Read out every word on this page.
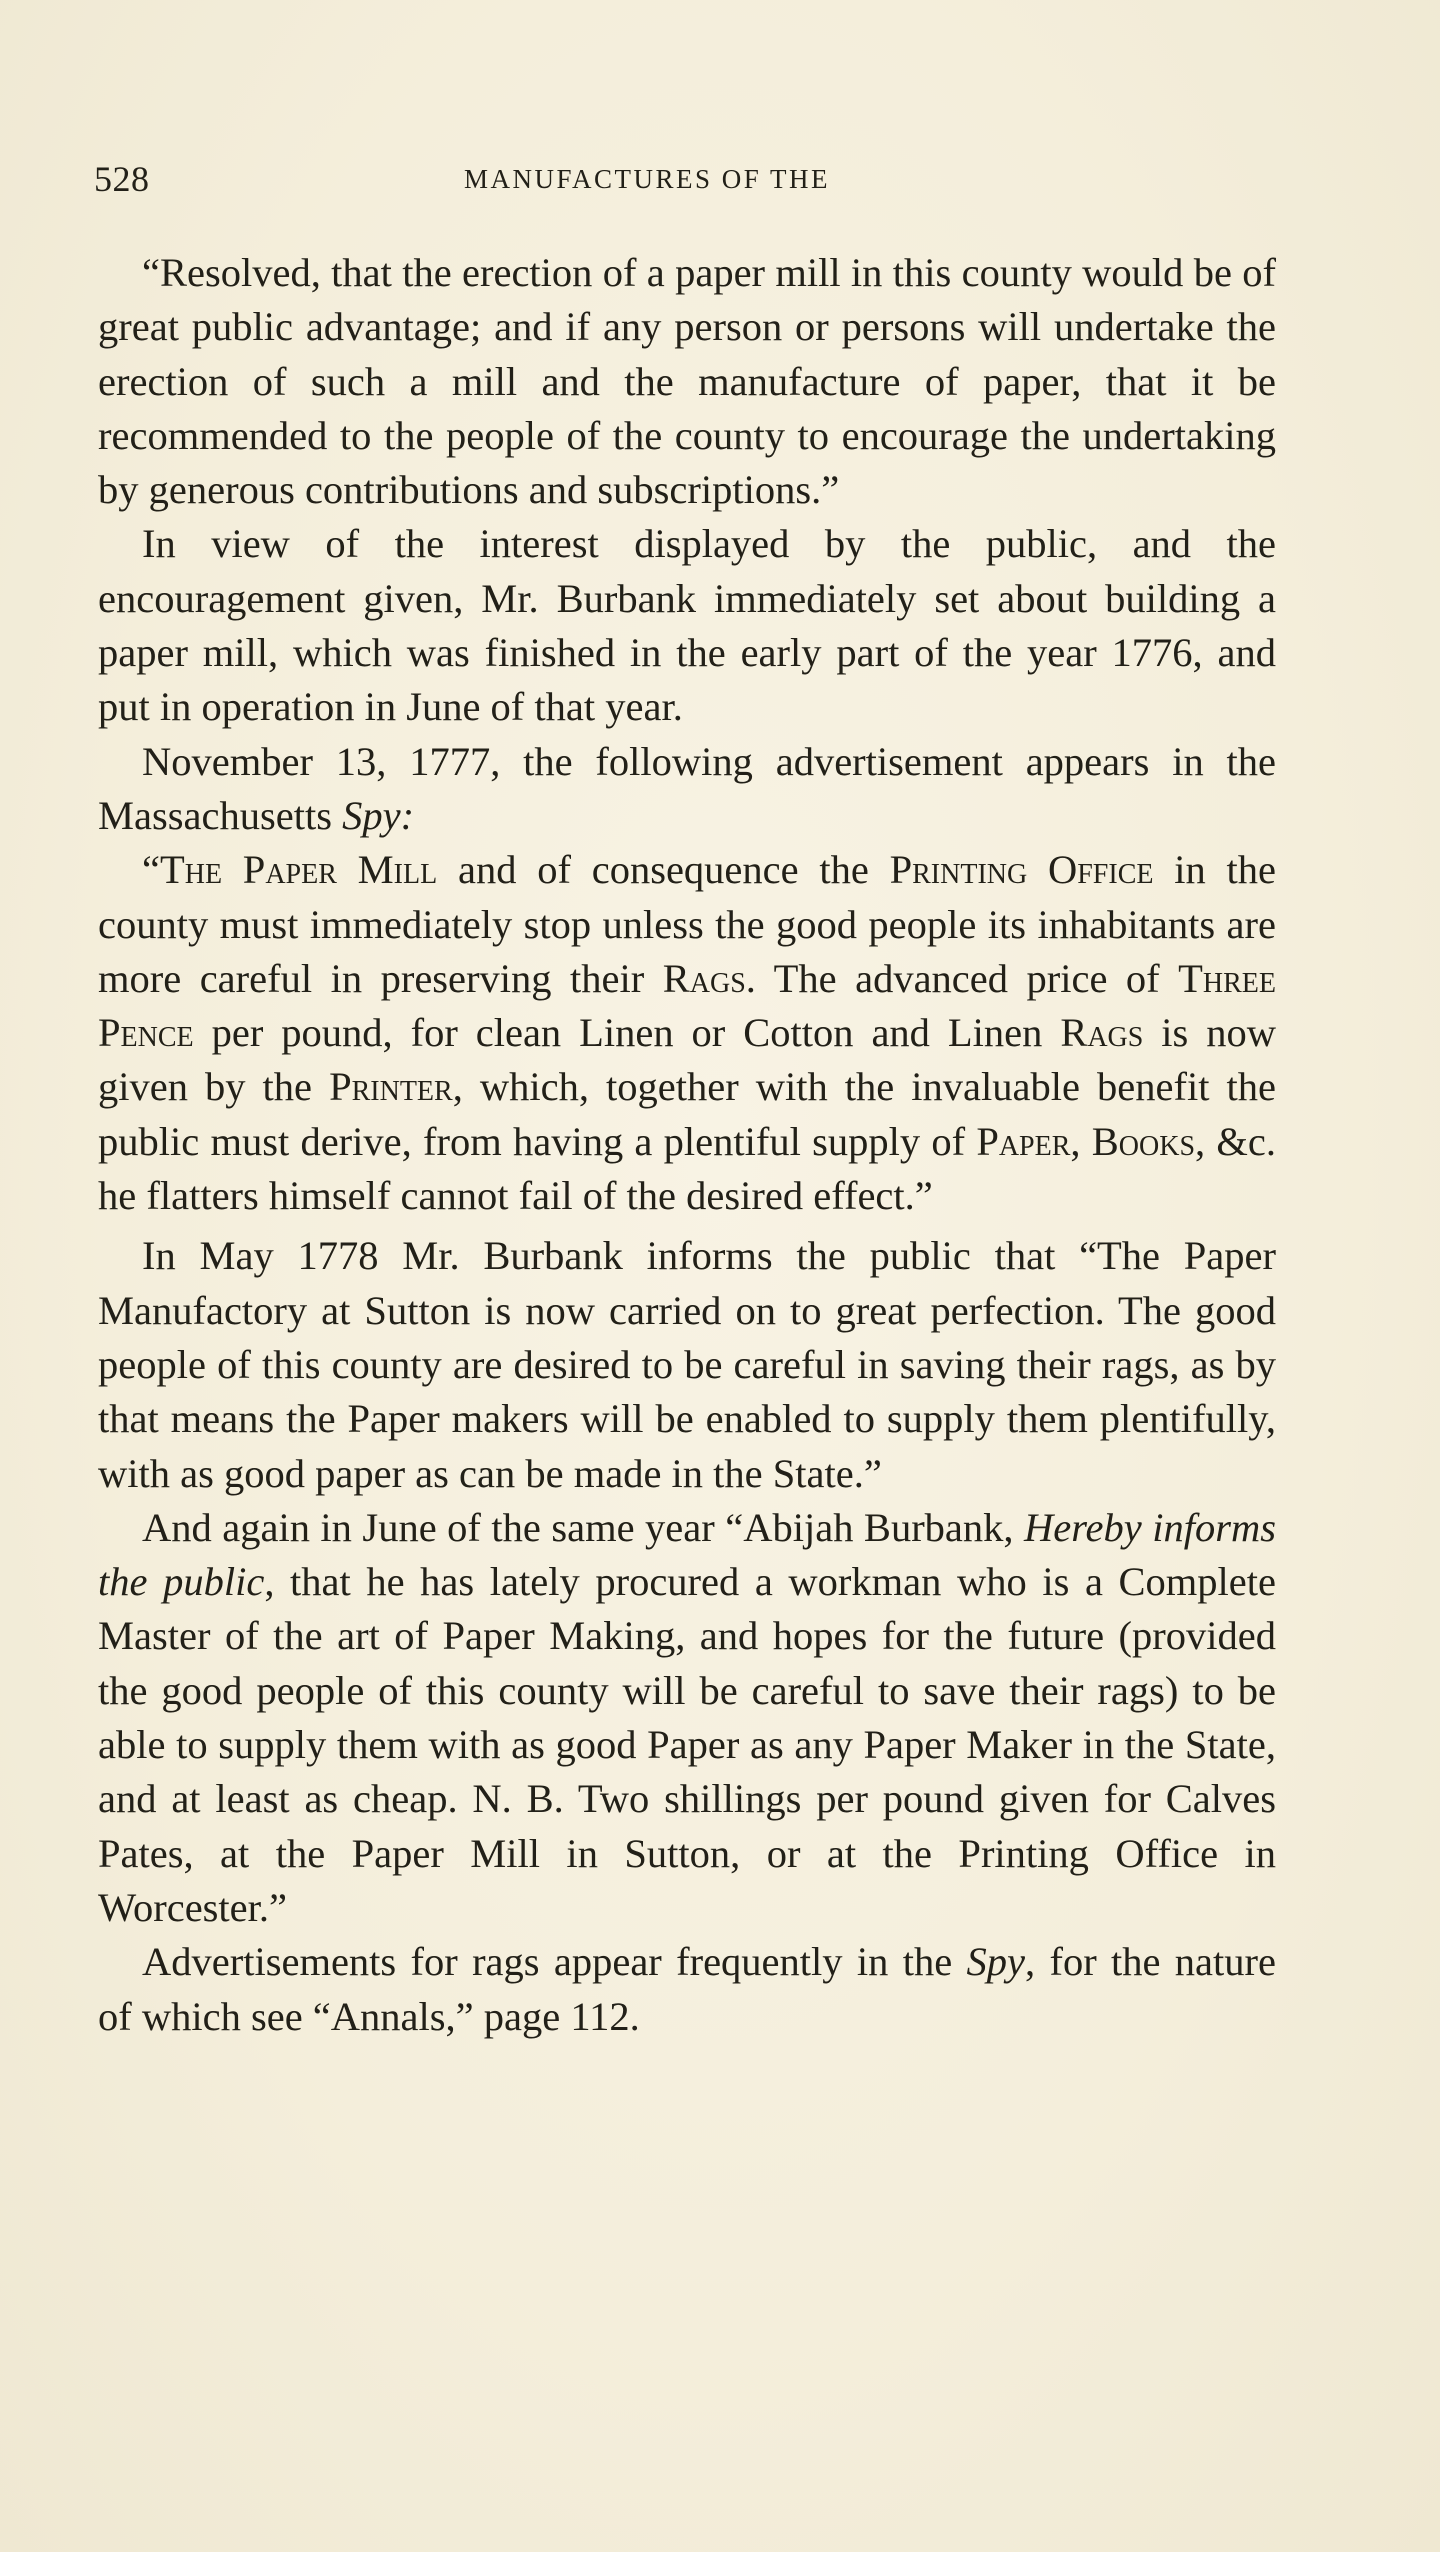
528	MANUFACTURES OF THE

“Resolved, that the erection of a paper mill in this county would be of great public advantage; and if any person or persons will undertake the erection of such a mill and the manufacture of paper, that it be recommended to the people of the county to encourage the undertaking by generous contributions and subscriptions.”

In view of the interest displayed by the public, and the encouragement given, Mr. Burbank immediately set about building a paper mill, which was finished in the early part of the year 1776, and put in operation in June of that year.

November 13, 1777, the following advertisement appears in the Massachusetts Spy:

“The Paper Mill and of consequence the Printing Office in the county must immediately stop unless the good people its inhabitants are more careful in preserving their Rags. The advanced price of Three Pence per pound, for clean Linen or Cotton and Linen Rags is now given by the Printer, which, together with the invaluable benefit the public must derive, from having a plentiful supply of Paper, Books, &c. he flatters himself cannot fail of the desired effect.”

In May 1778 Mr. Burbank informs the public that “The Paper Manufactory at Sutton is now carried on to great perfection. The good people of this county are desired to be careful in saving their rags, as by that means the Paper makers will be enabled to supply them plentifully, with as good paper as can be made in the State.”

And again in June of the same year “Abijah Burbank, Hereby informs the public, that he has lately procured a workman who is a Complete Master of the art of Paper Making, and hopes for the future (provided the good people of this county will be careful to save their rags) to be able to supply them with as good Paper as any Paper Maker in the State, and at least as cheap. N. B. Two shillings per pound given for Calves Pates, at the Paper Mill in Sutton, or at the Printing Office in Worcester.”

Advertisements for rags appear frequently in the Spy, for the nature of which see “Annals,” page 112.
